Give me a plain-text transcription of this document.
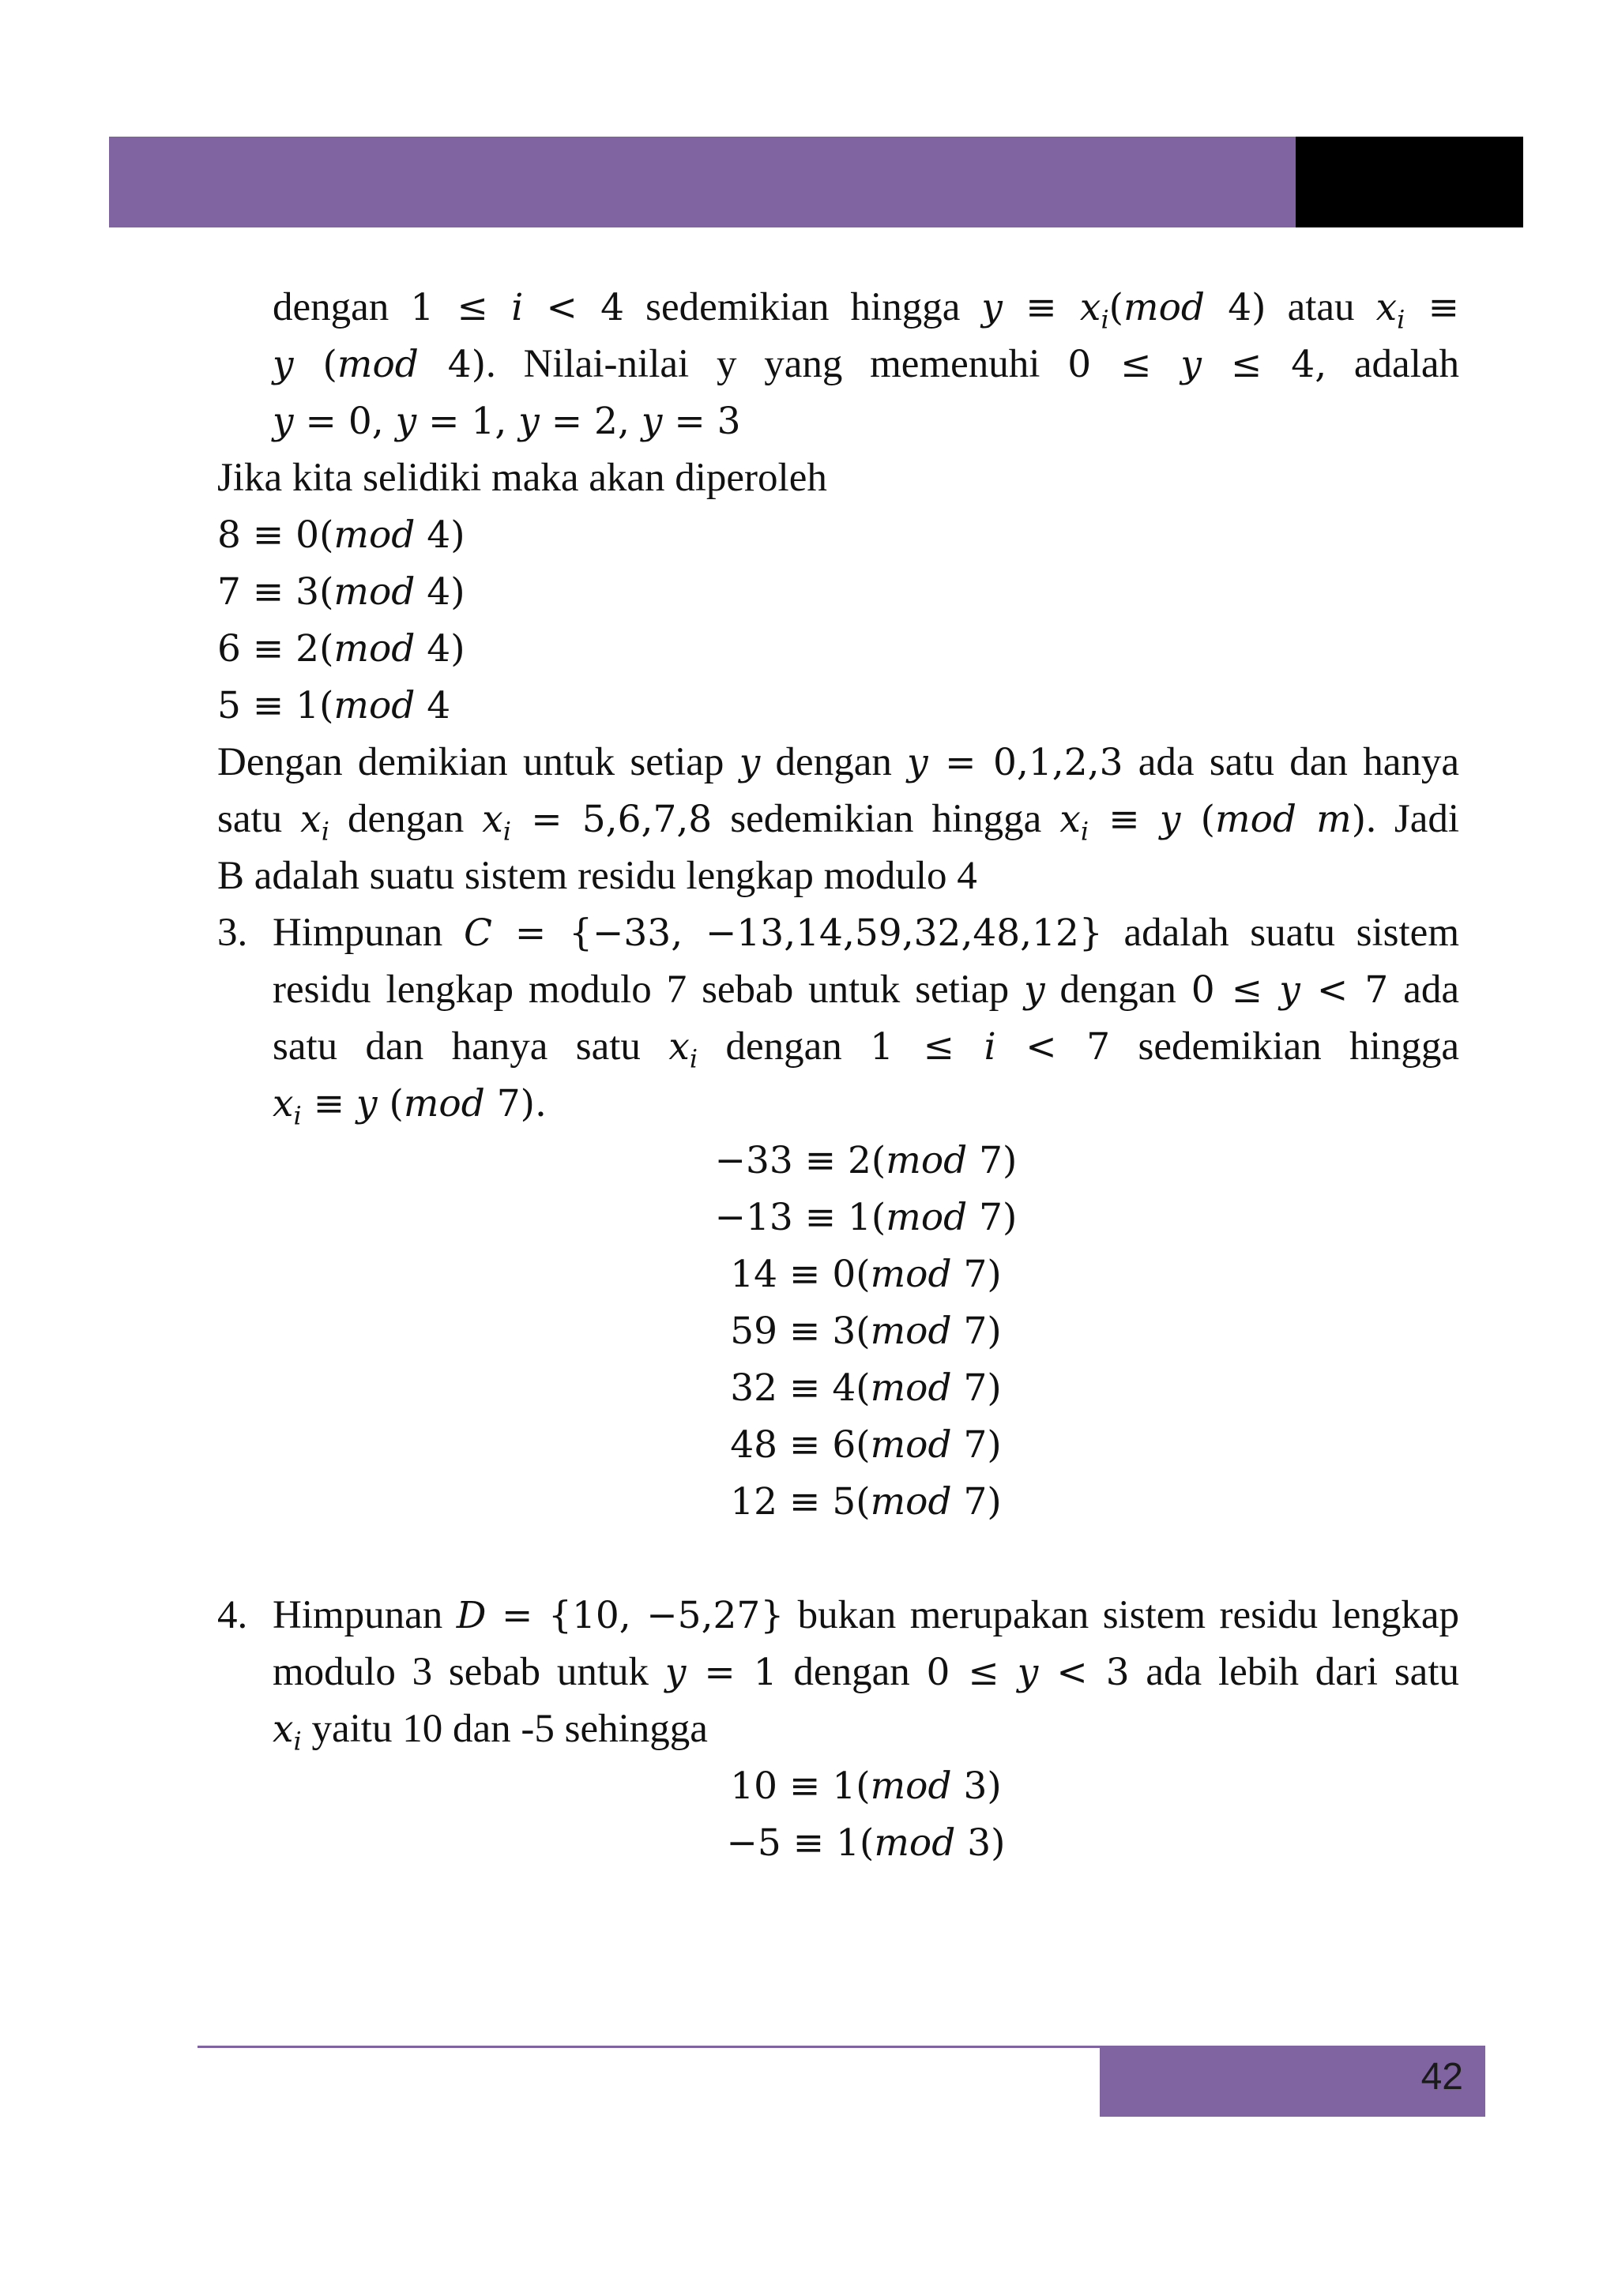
dengan 1 ≤ i < 4 sedemikian hingga $y \equiv x_i(mod$ 4) atau $x_i$ ≡
y (mod 4). Nilai-nilai y yang memenuhi 0 ≤ y ≤ 4, adalah
y = 0, y = 1, y = 2, y = 3
Jika kita selidiki maka akan diperoleh
8 ≡ 0(mod 4)
7 ≡ 3(mod 4)
6 ≡ 2(mod 4)
5 ≡ 1(mod 4
Dengan demikian untuk setiap y dengan y = 0,1,2,3 ada satu dan hanya
satu $x_i$ dengan $x_i = 5,6,7,8$ sedemikian hingga $x_i \equiv y$ (mod m). Jadi
B adalah suatu sistem residu lengkap modulo 4
3. Himpunan C = {−33, −13,14,59,32,48,12} adalah suatu sistem
residu lengkap modulo 7 sebab untuk setiap y dengan 0 ≤ y < 7 ada
satu dan hanya satu $x_i$ dengan 1 ≤ i < 7 sedemikian hingga
$x_i \equiv y$ (mod 7).
−33 ≡ 2(mod 7)
−13 ≡ 1(mod 7)
14 ≡ 0(mod 7)
59 ≡ 3(mod 7)
32 ≡ 4(mod 7)
48 ≡ 6(mod 7)
12 ≡ 5(mod 7)
4. Himpunan D = {10, −5,27} bukan merupakan sistem residu lengkap
modulo 3 sebab untuk y = 1 dengan 0 ≤ y < 3 ada lebih dari satu
$x_i$ yaitu 10 dan -5 sehingga
10 ≡ 1(mod 3)
−5 ≡ 1(mod 3)
42
